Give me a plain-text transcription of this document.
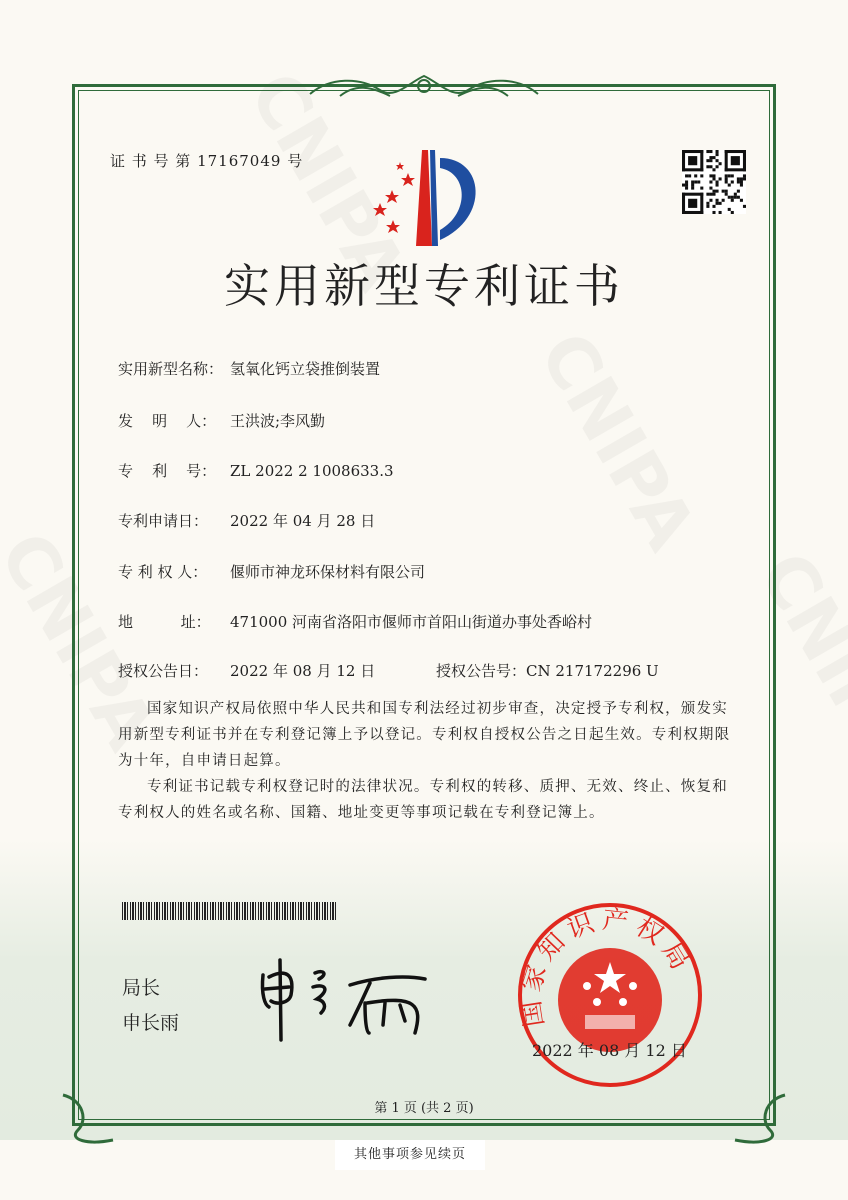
证 书 号 第 17167049 号
实用新型专利证书
实用新型名称： 氢氧化钙立袋推倒装置
发    明    人： 王洪波;李风勤
专    利    号： ZL 2022 2 1008633.3
专利申请日： 2022 年 04 月 28 日
专 利 权 人： 偃师市神龙环保材料有限公司
地          址： 471000 河南省洛阳市偃师市首阳山街道办事处香峪村
授权公告日： 2022 年 08 月 12 日	授权公告号：CN 217172296 U
国家知识产权局依照中华人民共和国专利法经过初步审查，决定授予专利权，颁发实用新型专利证书并在专利登记簿上予以登记。专利权自授权公告之日起生效。专利权期限为十年，自申请日起算。
专利证书记载专利权登记时的法律状况。专利权的转移、质押、无效、终止、恢复和专利权人的姓名或名称、国籍、地址变更等事项记载在专利登记簿上。
局长
申长雨	国家知识产权局
2022 年 08 月 12 日
第 1 页 (共 2 页)
其他事项参见续页
